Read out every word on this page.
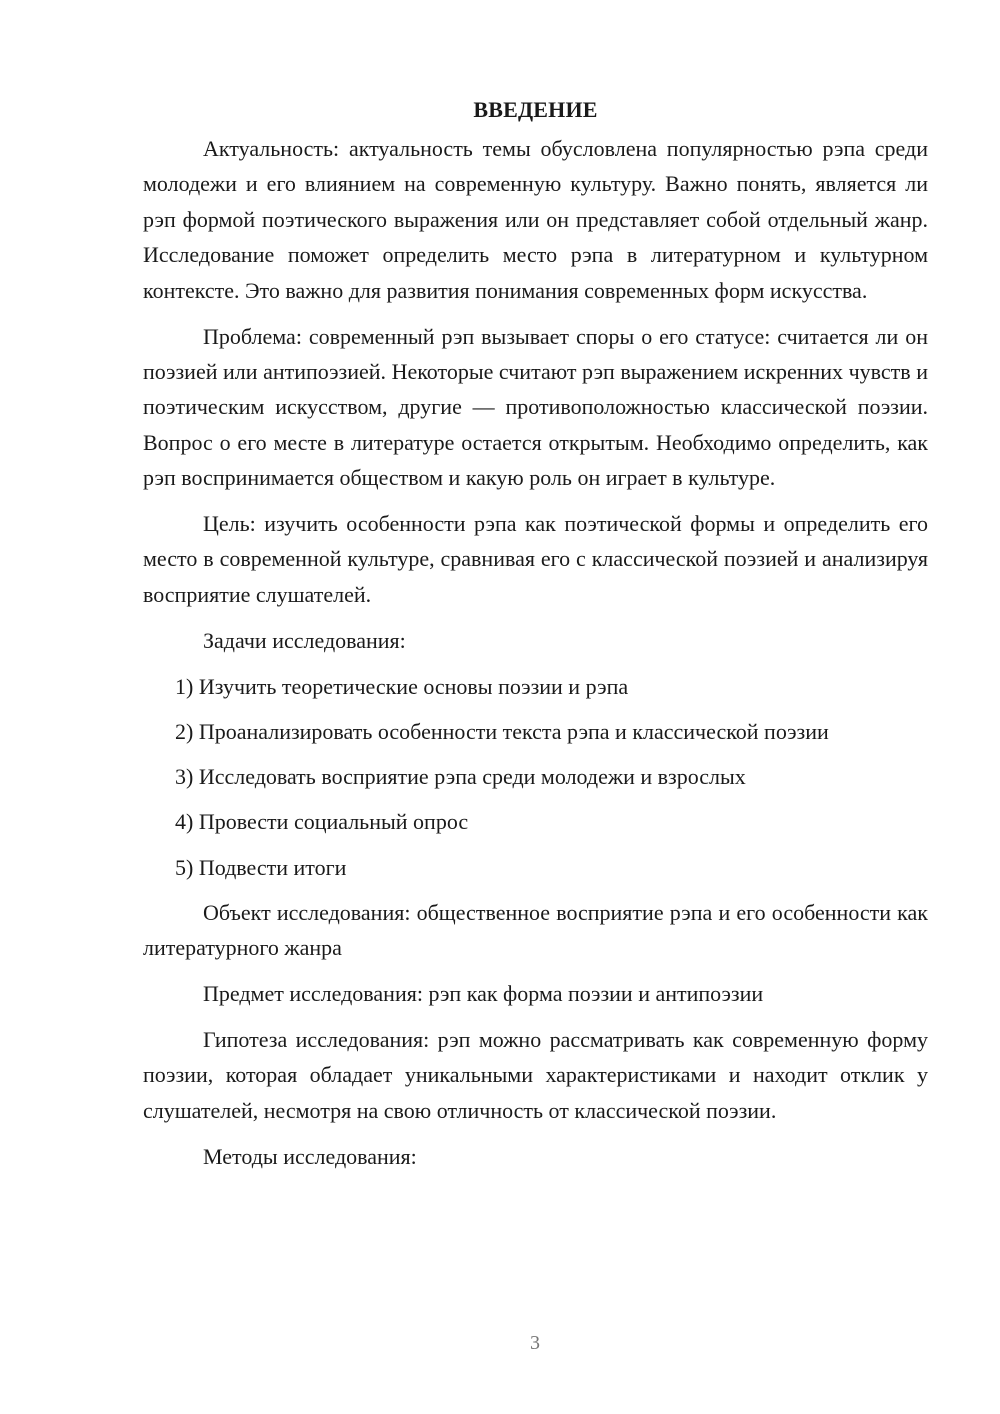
ВВЕДЕНИЕ

Актуальность: актуальность темы обусловлена популярностью рэпа среди молодежи и его влиянием на современную культуру. Важно понять, является ли рэп формой поэтического выражения или он представляет собой отдельный жанр. Исследование поможет определить место рэпа в литературном и культурном контексте. Это важно для развития понимания современных форм искусства.

Проблема: современный рэп вызывает споры о его статусе: считается ли он поэзией или антипоэзией. Некоторые считают рэп выражением искренних чувств и поэтическим искусством, другие — противоположностью классической поэзии. Вопрос о его месте в литературе остается открытым. Необходимо определить, как рэп воспринимается обществом и какую роль он играет в культуре.

Цель: изучить особенности рэпа как поэтической формы и определить его место в современной культуре, сравнивая его с классической поэзией и анализируя восприятие слушателей.

Задачи исследования:

1) Изучить теоретические основы поэзии и рэпа

2) Проанализировать особенности текста рэпа и классической поэзии

3) Исследовать восприятие рэпа среди молодежи и взрослых

4) Провести социальный опрос

5) Подвести итоги

Объект исследования: общественное восприятие рэпа и его особенности как литературного жанра

Предмет исследования: рэп как форма поэзии и антипоэзии

Гипотеза исследования: рэп можно рассматривать как современную форму поэзии, которая обладает уникальными характеристиками и находит отклик у слушателей, несмотря на свою отличность от классической поэзии.

Методы исследования:

3
